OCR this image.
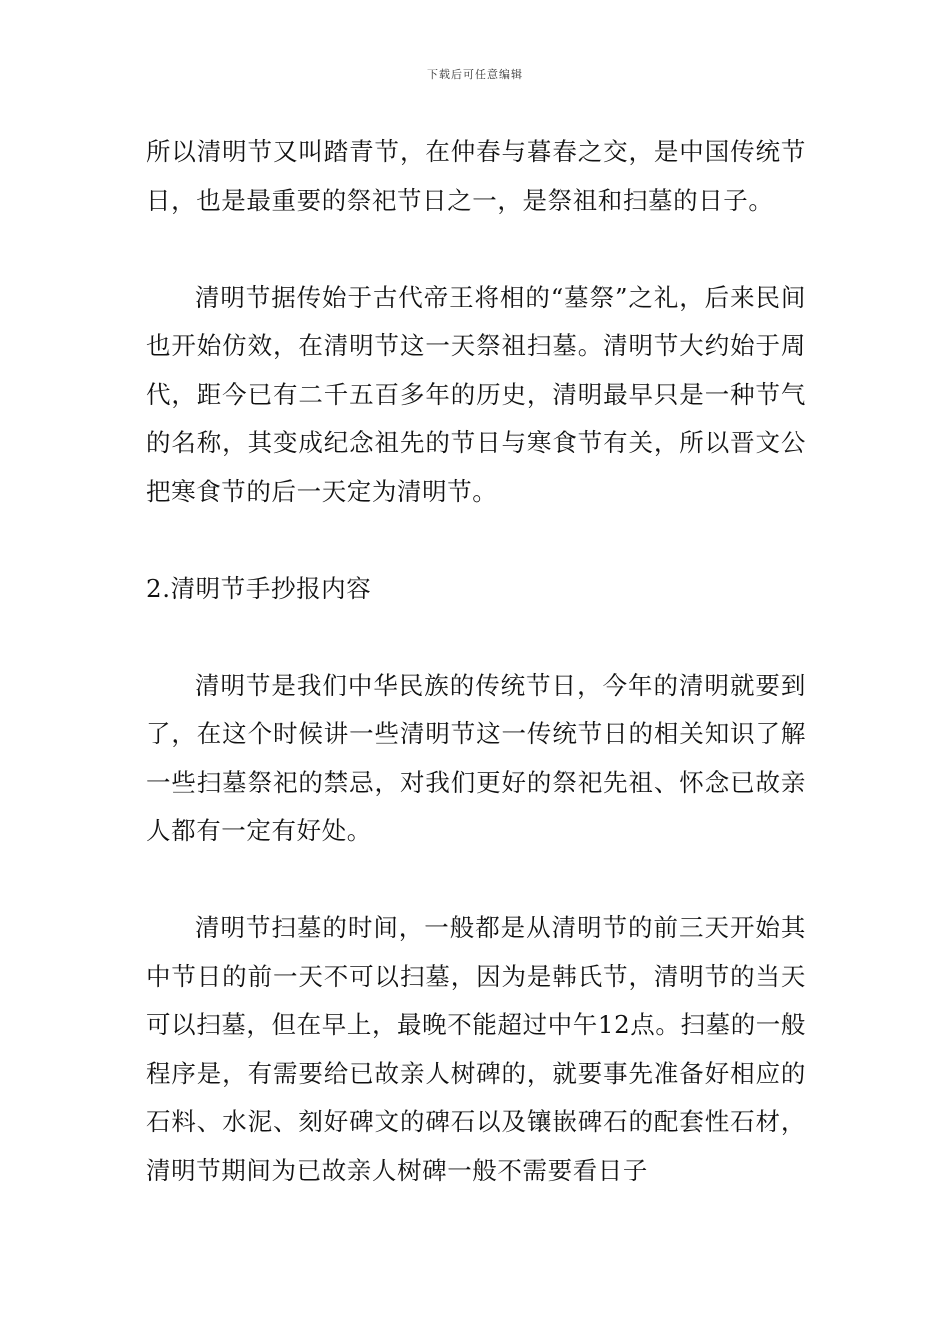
下载后可任意编辑

所以清明节又叫踏青节，在仲春与暮春之交，是中国传统节日，也是最重要的祭祀节日之一，是祭祖和扫墓的日子。

清明节据传始于古代帝王将相的“墓祭”之礼，后来民间也开始仿效，在清明节这一天祭祖扫墓。清明节大约始于周代，距今已有二千五百多年的历史，清明最早只是一种节气的名称，其变成纪念祖先的节日与寒食节有关，所以晋文公把寒食节的后一天定为清明节。

2.清明节手抄报内容

清明节是我们中华民族的传统节日，今年的清明就要到了，在这个时候讲一些清明节这一传统节日的相关知识了解一些扫墓祭祀的禁忌，对我们更好的祭祀先祖、怀念已故亲人都有一定有好处。

清明节扫墓的时间，一般都是从清明节的前三天开始其中节日的前一天不可以扫墓，因为是韩氏节，清明节的当天可以扫墓，但在早上，最晚不能超过中午12点。扫墓的一般程序是，有需要给已故亲人树碑的，就要事先准备好相应的石料、水泥、刻好碑文的碑石以及镶嵌碑石的配套性石材，清明节期间为已故亲人树碑一般不需要看日子
